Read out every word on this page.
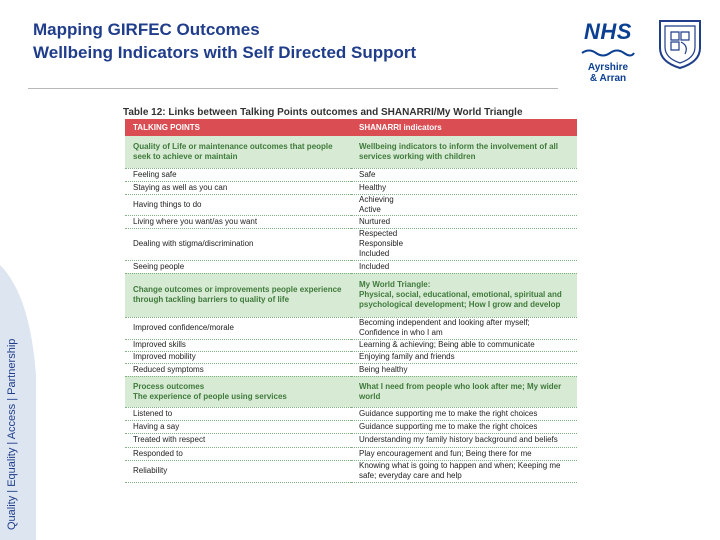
Mapping GIRFEC Outcomes
Wellbeing Indicators with Self Directed Support
NHS
Ayrshire
& Arran
Quality | Equality | Access | Partnership
Table 12: Links between Talking Points outcomes and SHANARRI/My World Triangle
TALKING POINTS	SHANARRI indicators
Quality of Life or maintenance outcomes that people seek to achieve or maintain	Wellbeing indicators to inform the involvement of all services working with children
Feeling safe	Safe
Staying as well as you can	Healthy
Having things to do	Achieving
Active
Living where you want/as you want	Nurtured
Dealing with stigma/discrimination	Respected
Responsible
Included
Seeing people	Included
Change outcomes or improvements people experience through tackling barriers to quality of life	My World Triangle:
Physical, social, educational, emotional, spiritual and psychological development; How I grow and develop
Improved confidence/morale	Becoming independent and looking after myself; Confidence in who I am
Improved skills	Learning & achieving; Being able to communicate
Improved mobility	Enjoying family and friends
Reduced symptoms	Being healthy
Process outcomes
The experience of people using services	What I need from people who look after me; My wider world
Listened to	Guidance supporting me to make the right choices
Having a say	Guidance supporting me to make the right choices
Treated with respect	Understanding my family history background and beliefs
Responded to	Play encouragement and fun; Being there for me
Reliability	Knowing what is going to happen and when; Keeping me safe; everyday care and help
